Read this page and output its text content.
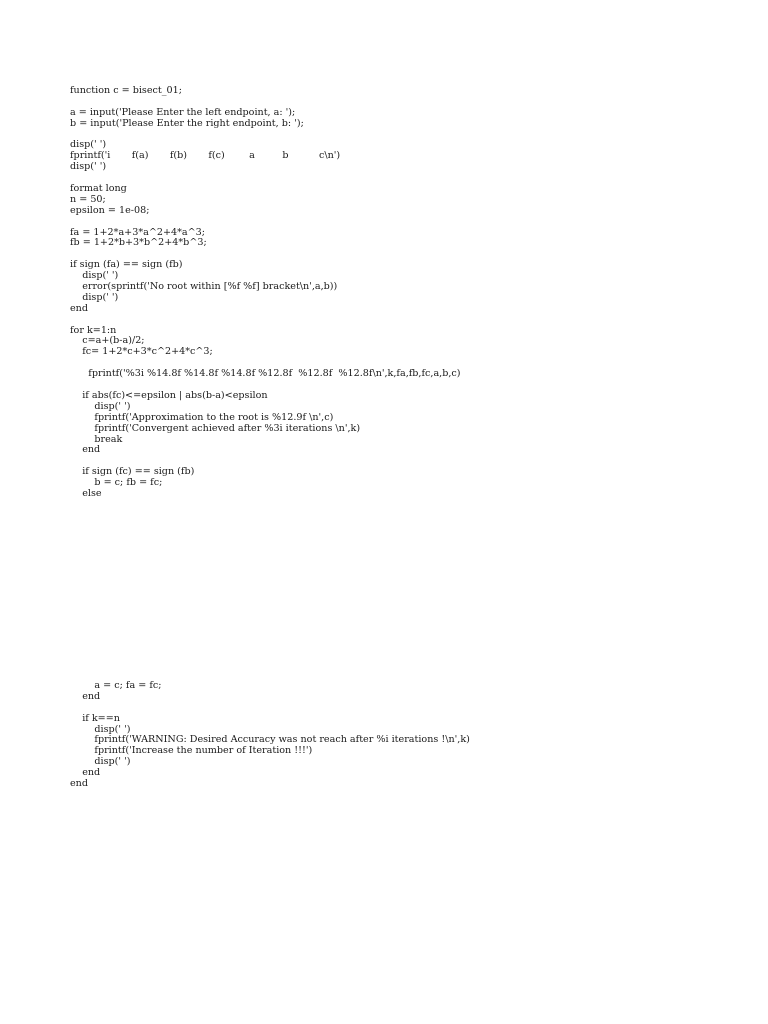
function c = bisect_01;

a = input('Please Enter the left endpoint, a: ');
b = input('Please Enter the right endpoint, b: ');

disp(' ')
fprintf('i       f(a)       f(b)       f(c)        a         b          c\n')
disp(' ')

format long
n = 50;
epsilon = 1e-08;

fa = 1+2*a+3*a^2+4*a^3;
fb = 1+2*b+3*b^2+4*b^3;

if sign (fa) == sign (fb)
disp(' ')
error(sprintf('No root within [%f %f] bracket\n',a,b))
disp(' ')
end

for k=1:n
c=a+(b-a)/2;
fc= 1+2*c+3*c^2+4*c^3;

fprintf('%3i %14.8f %14.8f %14.8f %12.8f  %12.8f  %12.8f\n',k,fa,fb,fc,a,b,c)

if abs(fc)<=epsilon | abs(b-a)<epsilon
disp(' ')
fprintf('Approximation to the root is %12.9f \n',c)
fprintf('Convergent achieved after %3i iterations \n',k)
break
end

if sign (fc) == sign (fb)
b = c; fb = fc;
else
a = c; fa = fc;
end

if k==n
disp(' ')
fprintf('WARNING: Desired Accuracy was not reach after %i iterations !\n',k)
fprintf('Increase the number of Iteration !!!')
disp(' ')
end
end
